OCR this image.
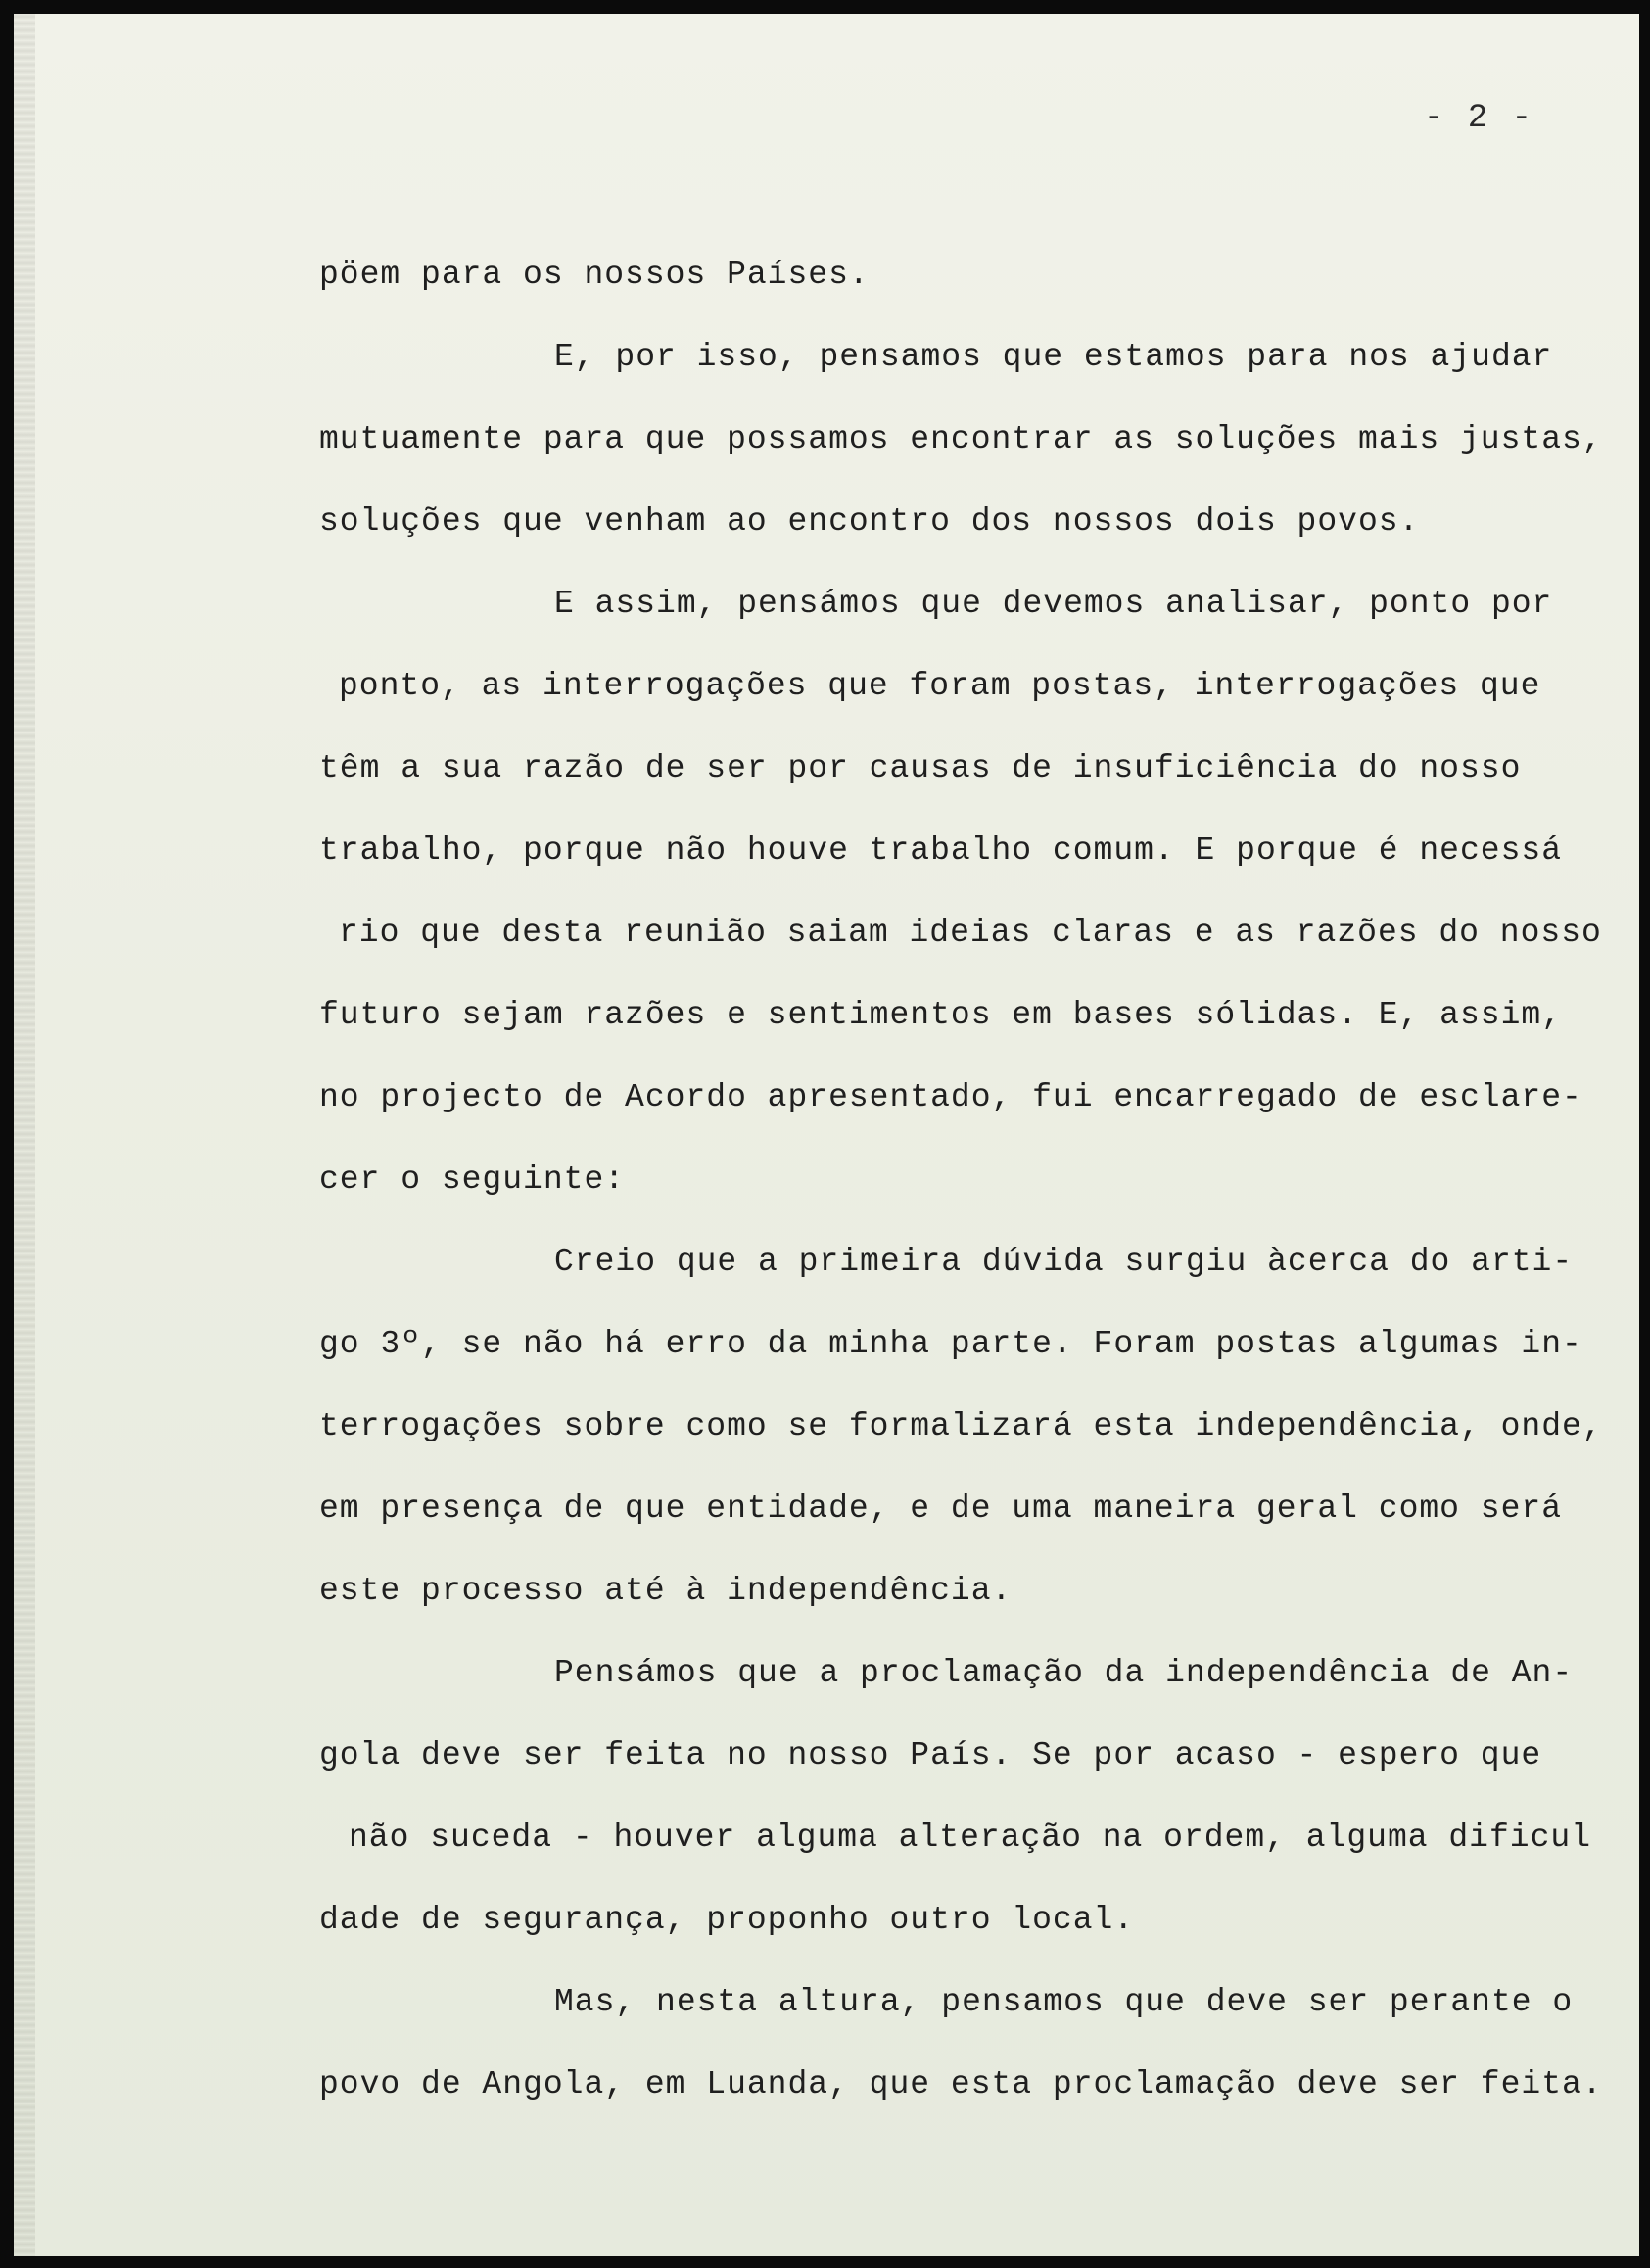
- 2 -

pöem para os nossos Países.

E, por isso, pensamos que estamos para nos ajudar

mutuamente para que possamos encontrar as soluções mais justas,

soluções que venham ao encontro dos nossos dois povos.

E assim, pensámos que devemos analisar, ponto por

ponto, as interrogações que foram postas, interrogações que

têm a sua razão de ser por causas de insuficiência do nosso

trabalho, porque não houve trabalho comum. E porque é necessá

rio que desta reunião saiam ideias claras e as razões do nosso

futuro sejam razões e sentimentos em bases sólidas. E, assim,

no projecto de Acordo apresentado, fui encarregado de esclare-

cer o seguinte:

Creio que a primeira dúvida surgiu àcerca do arti-

go 3º, se não há erro da minha parte. Foram postas algumas in-

terrogações sobre como se formalizará esta independência, onde,

em presença de que entidade, e de uma maneira geral como será

este processo até à independência.

Pensámos que a proclamação da independência de An-

gola deve ser feita no nosso País. Se por acaso - espero que

não suceda - houver alguma alteração na ordem, alguma dificul

dade de segurança, proponho outro local.

Mas, nesta altura, pensamos que deve ser perante o

povo de Angola, em Luanda, que esta proclamação deve ser feita.
